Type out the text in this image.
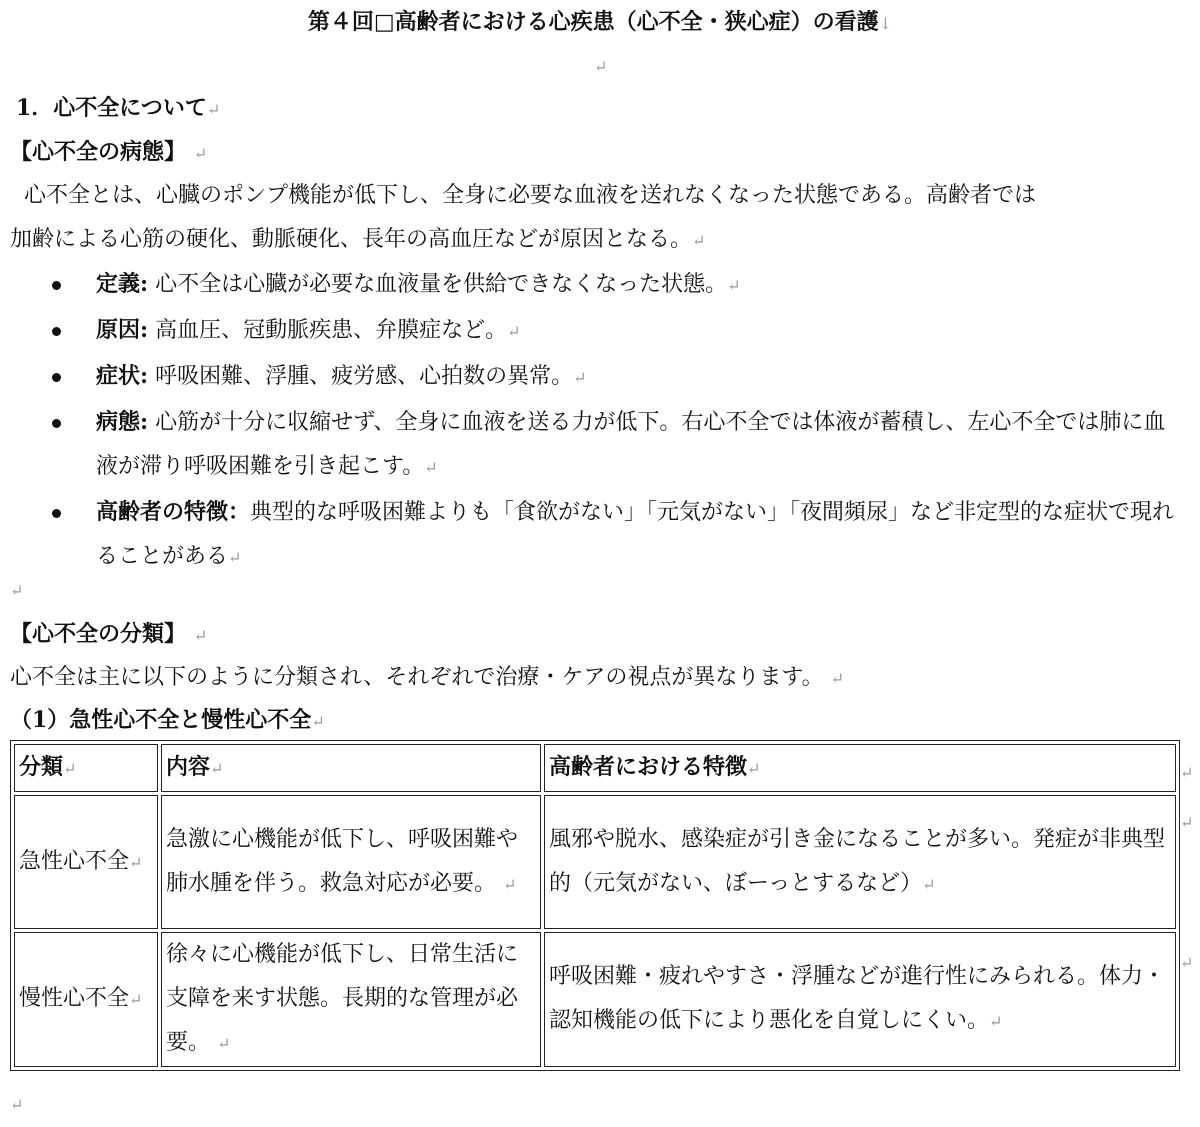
第４回□高齢者における心疾患（心不全・狭心症）の看護↓
↵
1．心不全について↵
【心不全の病態】 ↵
心不全とは、心臓のポンプ機能が低下し、全身に必要な血液を送れなくなった状態である。高齢者では
加齢による心筋の硬化、動脈硬化、長年の高血圧などが原因となる。↵
定義: 心不全は心臓が必要な血液量を供給できなくなった状態。↵
原因: 高血圧、冠動脈疾患、弁膜症など。↵
症状: 呼吸困難、浮腫、疲労感、心拍数の異常。↵
病態: 心筋が十分に収縮せず、全身に血液を送る力が低下。右心不全では体液が蓄積し、左心不全では肺に血液が滞り呼吸困難を引き起こす。↵
高齢者の特徴：典型的な呼吸困難よりも「食欲がない」「元気がない」「夜間頻尿」など非定型的な症状で現れることがある↵
↵
【心不全の分類】 ↵
心不全は主に以下のように分類され、それぞれで治療・ケアの視点が異なります。 ↵
（1）急性心不全と慢性心不全↵
分類↵	内容↵	高齢者における特徴↵
急性心不全↵	急激に心機能が低下し、呼吸困難や肺水腫を伴う。救急対応が必要。 ↵	風邪や脱水、感染症が引き金になることが多い。発症が非典型的（元気がない、ぼーっとするなど）↵
慢性心不全↵	徐々に心機能が低下し、日常生活に支障を来す状態。長期的な管理が必要。 ↵	呼吸困難・疲れやすさ・浮腫などが進行性にみられる。体力・認知機能の低下により悪化を自覚しにくい。↵
↵
↵
↵
↵
